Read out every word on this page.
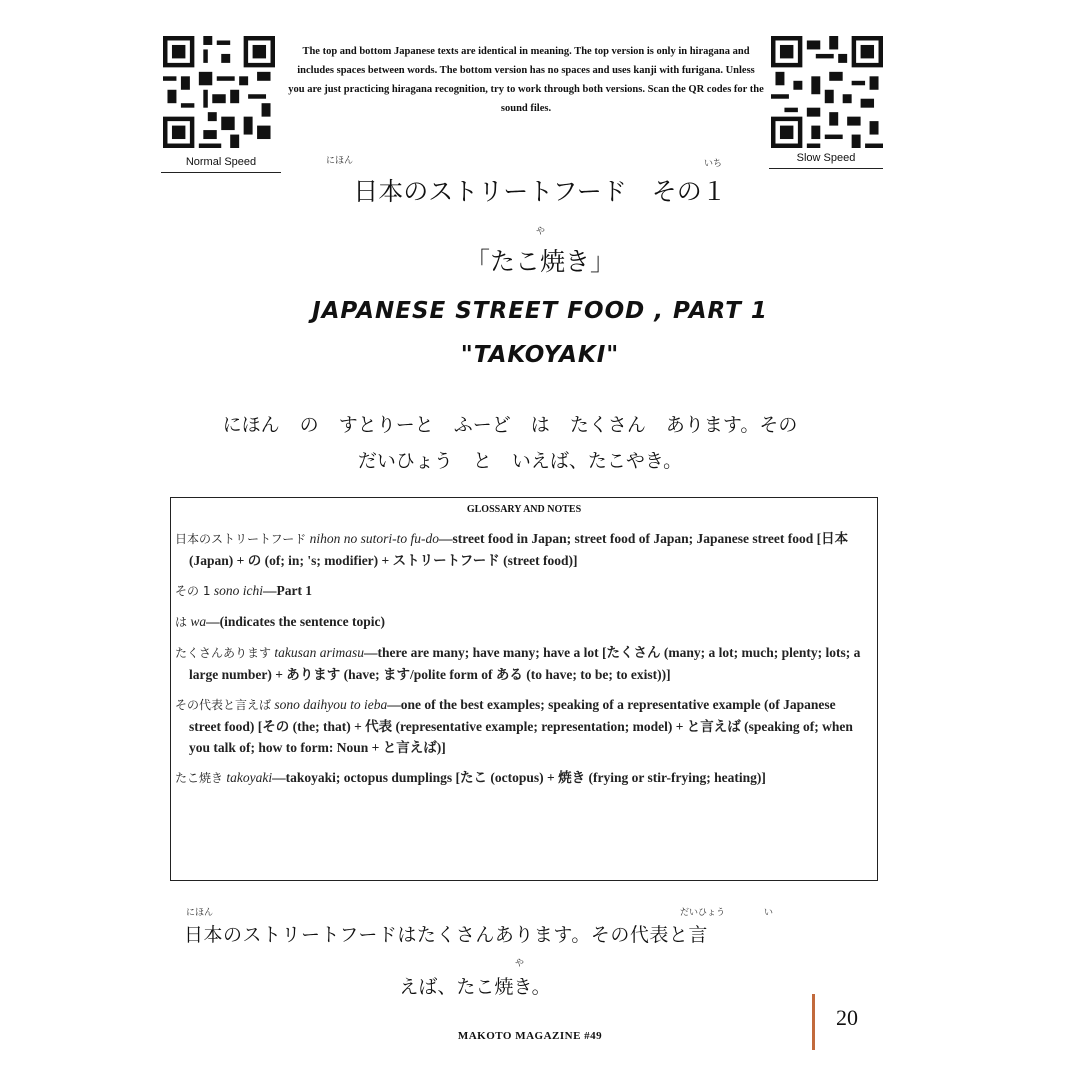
Normal Speed	Slow Speed
The top and bottom Japanese texts are identical in meaning. The top version is only in hiragana and includes spaces between words. The bottom version has no spaces and uses kanji with furigana. Unless you are just practicing hiragana recognition, try to work through both versions. Scan the QR codes for the sound files.
にほん	いち
日本のストリートフード　その１
や
「たこ焼き」
JAPANESE STREET FOOD , PART 1
"TAKOYAKI"
にほん の すとりーと ふーど は たくさん あります。その
だいひょう と いえば、たこやき。
GLOSSARY AND NOTES
日本のストリートフード nihon no sutori-to fu-do—street food in Japan; street food of Japan; Japanese street food [日本 (Japan) + の (of; in; 's; modifier) + ストリートフード (street food)]
その 1 sono ichi—Part 1
は wa—(indicates the sentence topic)
たくさんあります takusan arimasu—there are many; have many; have a lot [たくさん (many; a lot; much; plenty; lots; a large number) + あります (have; ます/polite form of ある (to have; to be; to exist))]
その代表と言えば sono daihyou to ieba—one of the best examples; speaking of a representative example (of Japanese street food) [その (the; that) + 代表 (representative example; representation; model) + と言えば (speaking of; when you talk of; how to form: Noun + と言えば)]
たこ焼き takoyaki—takoyaki; octopus dumplings [たこ (octopus) + 焼き (frying or stir-frying; heating)]
にほん	だいひょう	い
日本のストリートフードはたくさんあります。その代表と言
や
えば、たこ焼き。
MAKOTO MAGAZINE #49
20
